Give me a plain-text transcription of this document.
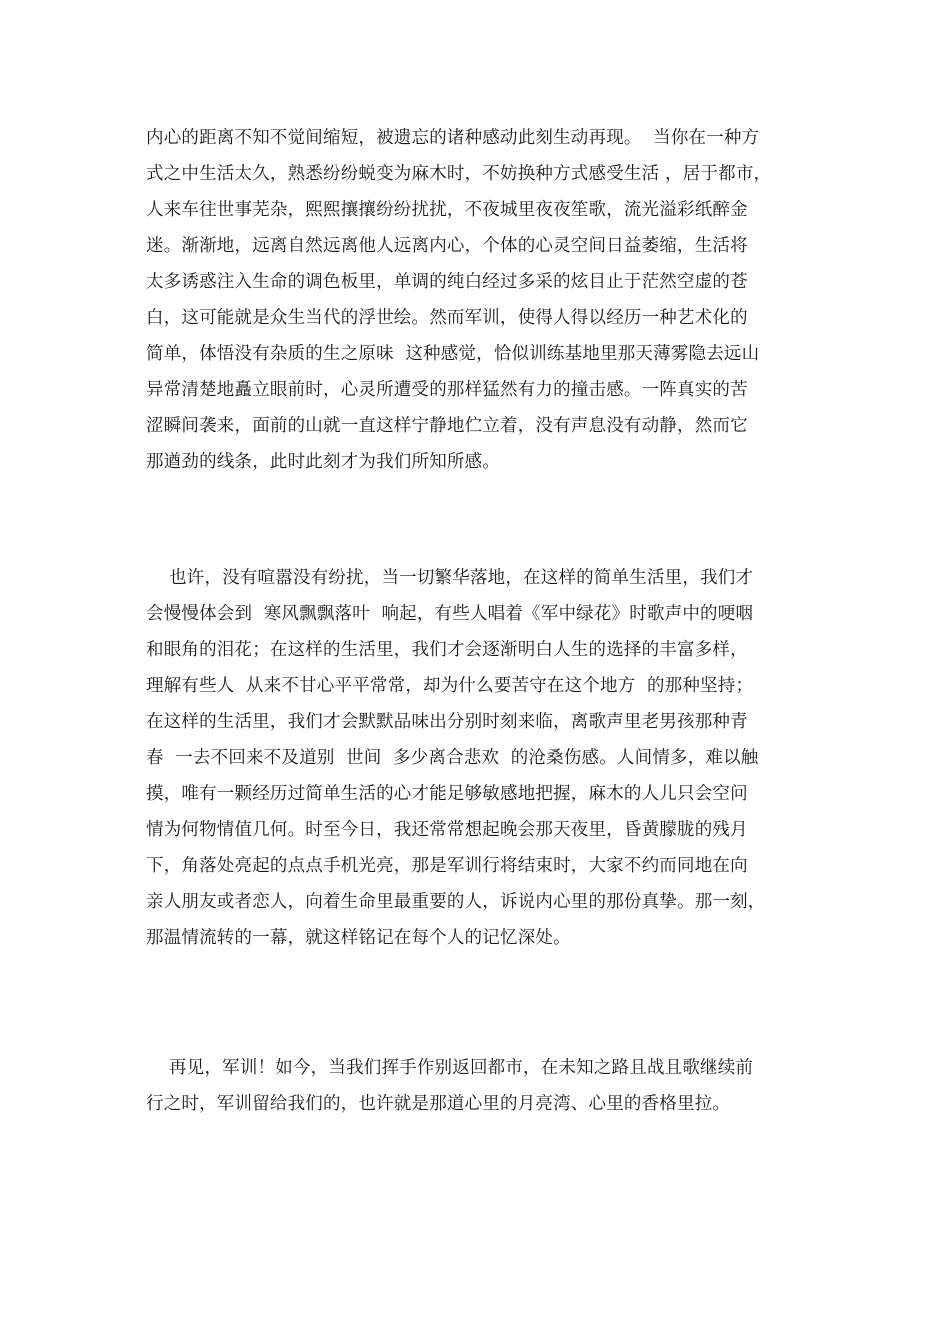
内心的距离不知不觉间缩短，被遗忘的诸种感动此刻生动再现。  当你在一种方
式之中生活太久，熟悉纷纷蜕变为麻木时，不妨换种方式感受生活 ，居于都市，
人来车往世事芜杂，熙熙攘攘纷纷扰扰，不夜城里夜夜笙歌，流光溢彩纸醉金
迷。渐渐地，远离自然远离他人远离内心，个体的心灵空间日益萎缩，生活将
太多诱惑注入生命的调色板里，单调的纯白经过多采的炫目止于茫然空虚的苍
白，这可能就是众生当代的浮世绘。然而军训，使得人得以经历一种艺术化的
简单，体悟没有杂质的生之原味  这种感觉，恰似训练基地里那天薄雾隐去远山
异常清楚地矗立眼前时，心灵所遭受的那样猛然有力的撞击感。一阵真实的苦
涩瞬间袭来，面前的山就一直这样宁静地伫立着，没有声息没有动静，然而它
那遒劲的线条，此时此刻才为我们所知所感。
也许，没有喧嚣没有纷扰，当一切繁华落地，在这样的简单生活里，我们才
会慢慢体会到  寒风飘飘落叶  响起，有些人唱着《军中绿花》时歌声中的哽咽
和眼角的泪花；在这样的生活里，我们才会逐渐明白人生的选择的丰富多样，
理解有些人  从来不甘心平平常常，却为什么要苦守在这个地方  的那种坚持；
在这样的生活里，我们才会默默品味出分别时刻来临，离歌声里老男孩那种青
春  一去不回来不及道别  世间  多少离合悲欢  的沧桑伤感。人间情多，难以触
摸，唯有一颗经历过简单生活的心才能足够敏感地把握，麻木的人儿只会空问
情为何物情值几何。时至今日，我还常常想起晚会那天夜里，昏黄朦胧的残月
下，角落处亮起的点点手机光亮，那是军训行将结束时，大家不约而同地在向
亲人朋友或者恋人，向着生命里最重要的人，诉说内心里的那份真挚。那一刻，
那温情流转的一幕，就这样铭记在每个人的记忆深处。
再见，军训！如今，当我们挥手作别返回都市，在未知之路且战且歌继续前
行之时，军训留给我们的，也许就是那道心里的月亮湾、心里的香格里拉。
